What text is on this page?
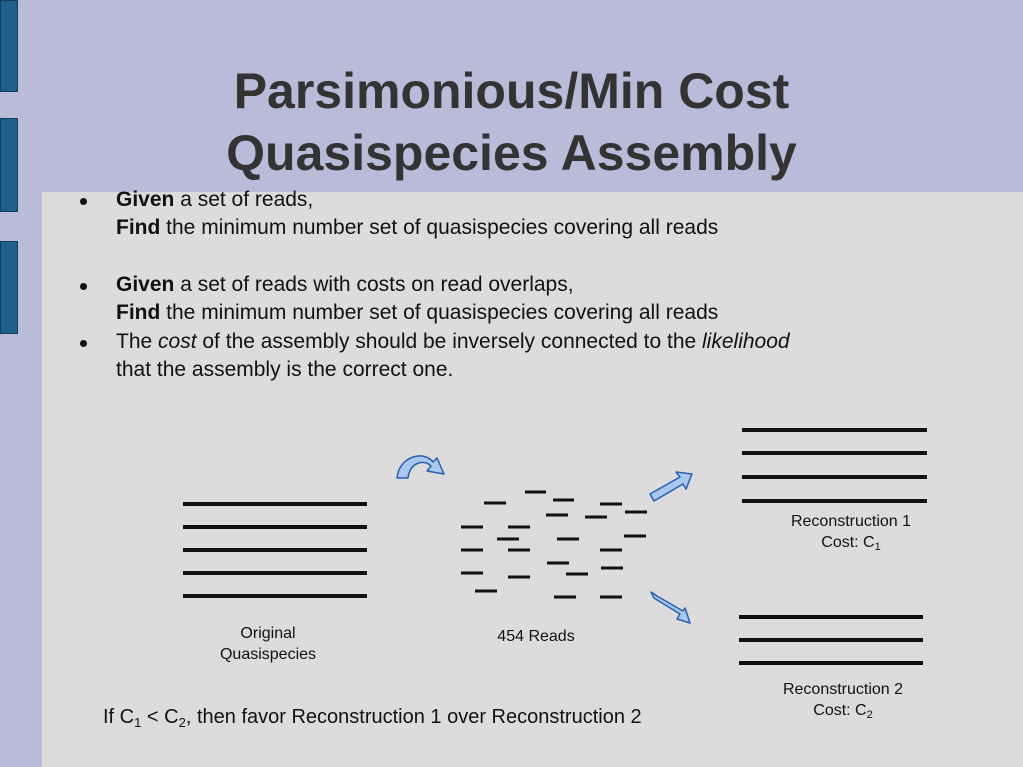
Parsimonious/Min Cost
Quasispecies Assembly
Given a set of reads,
Find the minimum number set of quasispecies covering all reads
Given a set of reads with costs on read overlaps,
Find the minimum number set of quasispecies covering all reads
The cost of the assembly should be inversely connected to the likelihood
that the assembly is the correct one.
Original
Quasispecies
454 Reads
Reconstruction 1
Cost: $C_1$
Reconstruction 2
Cost: $C_2$
If $C_1 < C_2$, then favor Reconstruction 1 over Reconstruction 2
